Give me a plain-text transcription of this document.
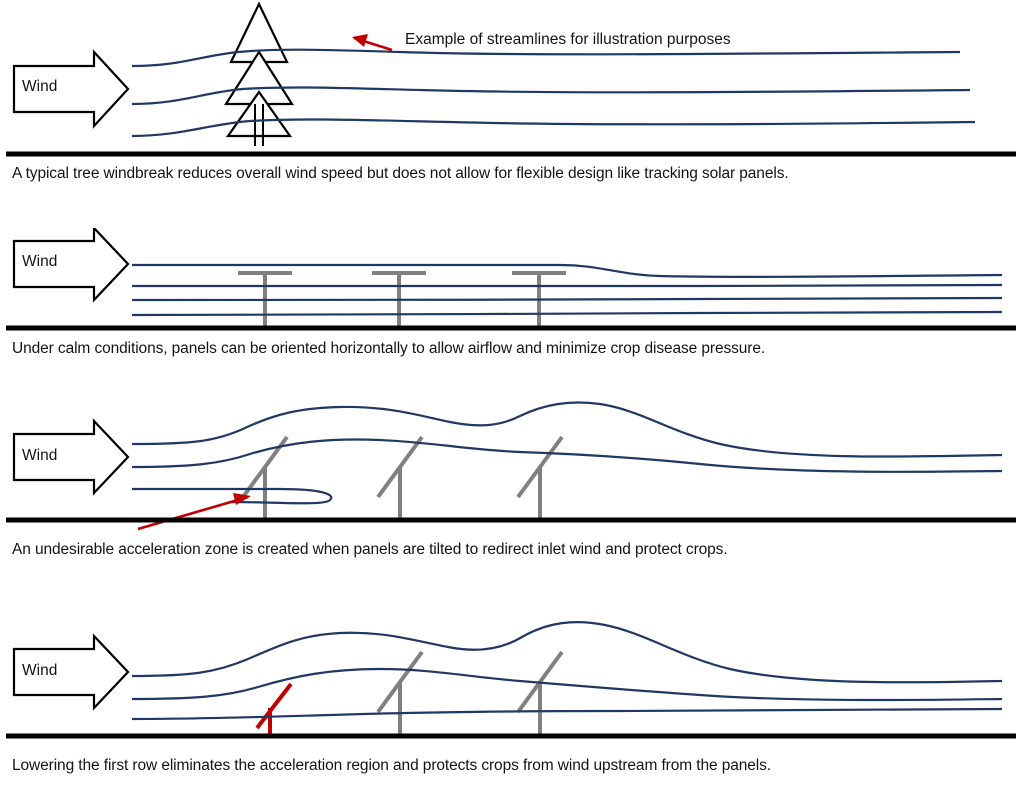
Wind
Example of streamlines for illustration purposes
A typical tree windbreak reduces overall wind speed but does not allow for flexible design like tracking solar panels.
Wind
Under calm conditions, panels can be oriented horizontally to allow airflow and minimize crop disease pressure.
Wind
An undesirable acceleration zone is created when panels are tilted to redirect inlet wind and protect crops.
Wind
Lowering the first row eliminates the acceleration region and protects crops from wind upstream from the panels.
